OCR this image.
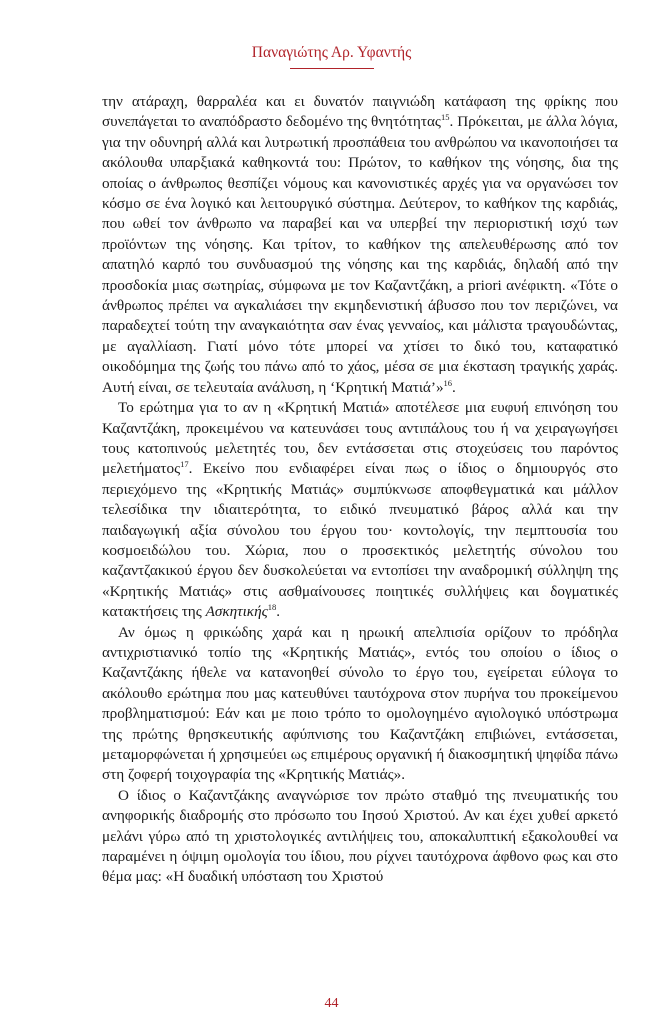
Παναγιώτης Αρ. Υφαντής

την ατάραχη, θαρραλέα και ει δυνατόν παιγνιώδη κατάφαση της φρίκης που συνεπάγεται το αναπόδραστο δεδομένο της θνητότητας$^{15}$. Πρόκειται, με άλλα λόγια, για την οδυνηρή αλλά και λυτρωτική προσπάθεια του ανθρώπου να ικανοποιήσει τα ακόλουθα υπαρξιακά καθηκοντά του: Πρώτον, το καθήκον της νόησης, δια της οποίας ο άνθρωπος θεσπίζει νόμους και κανονιστικές αρχές για να οργανώσει τον κόσμο σε ένα λογικό και λειτουργικό σύστημα. Δεύτερον, το καθήκον της καρδιάς, που ωθεί τον άνθρωπο να παραβεί και να υπερβεί την περιοριστική ισχύ των προϊόντων της νόησης. Και τρίτον, το καθήκον της απελευθέρωσης από τον απατηλό καρπό του συνδυασμού της νόησης και της καρδιάς, δηλαδή από την προσδοκία μιας σωτηρίας, σύμφωνα με τον Καζαντζάκη, a priori ανέφικτη. «Τότε ο άνθρωπος πρέπει να αγκαλιάσει την εκμηδενιστική άβυσσο που τον περιζώνει, να παραδεχτεί τούτη την αναγκαιότητα σαν ένας γενναίος, και μάλιστα τραγουδώντας, με αγαλλίαση. Γιατί μόνο τότε μπορεί να χτίσει το δικό του, καταφατικό οικοδόμημα της ζωής του πάνω από το χάος, μέσα σε μια έκσταση τραγικής χαράς. Αυτή είναι, σε τελευταία ανάλυση, η ‘Κρητική Ματιά’»$^{16}$.

Το ερώτημα για το αν η «Κρητική Ματιά» αποτέλεσε μια ευφυή επινόηση του Καζαντζάκη, προκειμένου να κατευνάσει τους αντιπάλους του ή να χειραγωγήσει τους κατοπινούς μελετητές του, δεν εντάσσεται στις στοχεύσεις του παρόντος μελετήματος$^{17}$. Εκείνο που ενδιαφέρει είναι πως ο ίδιος ο δημιουργός στο περιεχόμενο της «Κρητικής Ματιάς» συμπύκνωσε αποφθεγματικά και μάλλον τελεσίδικα την ιδιαιτερότητα, το ειδικό πνευματικό βάρος αλλά και την παιδαγωγική αξία σύνολου του έργου του· κοντολογίς, την πεμπτουσία του κοσμοειδώλου του. Χώρια, που ο προσεκτικός μελετητής σύνολου του καζαντζακικού έργου δεν δυσκολεύεται να εντοπίσει την αναδρομική σύλληψη της «Κρητικής Ματιάς» στις ασθμαίνουσες ποιητικές συλλήψεις και δογματικές κατακτήσεις της Ασκητικής$^{18}$.

Αν όμως η φρικώδης χαρά και η ηρωική απελπισία ορίζουν το πρόδηλα αντιχριστιανικό τοπίο της «Κρητικής Ματιάς», εντός του οποίου ο ίδιος ο Καζαντζάκης ήθελε να κατανοηθεί σύνολο το έργο του, εγείρεται εύλογα το ακόλουθο ερώτημα που μας κατευθύνει ταυτόχρονα στον πυρήνα του προκείμενου προβληματισμού: Εάν και με ποιο τρόπο το ομολογημένο αγιολογικό υπόστρωμα της πρώτης θρησκευτικής αφύπνισης του Καζαντζάκη επιβιώνει, εντάσσεται, μεταμορφώνεται ή χρησιμεύει ως επιμέρους οργανική ή διακοσμητική ψηφίδα πάνω στη ζοφερή τοιχογραφία της «Κρητικής Ματιάς».

Ο ίδιος ο Καζαντζάκης αναγνώρισε τον πρώτο σταθμό της πνευματικής του ανηφορικής διαδρομής στο πρόσωπο του Ιησού Χριστού. Αν και έχει χυθεί αρκετό μελάνι γύρω από τη χριστολογικές αντιλήψεις του, αποκαλυπτική εξακολουθεί να παραμένει η όψιμη ομολογία του ίδιου, που ρίχνει ταυτόχρονα άφθονο φως και στο θέμα μας: «Η δυαδική υπόσταση του Χριστού

44
